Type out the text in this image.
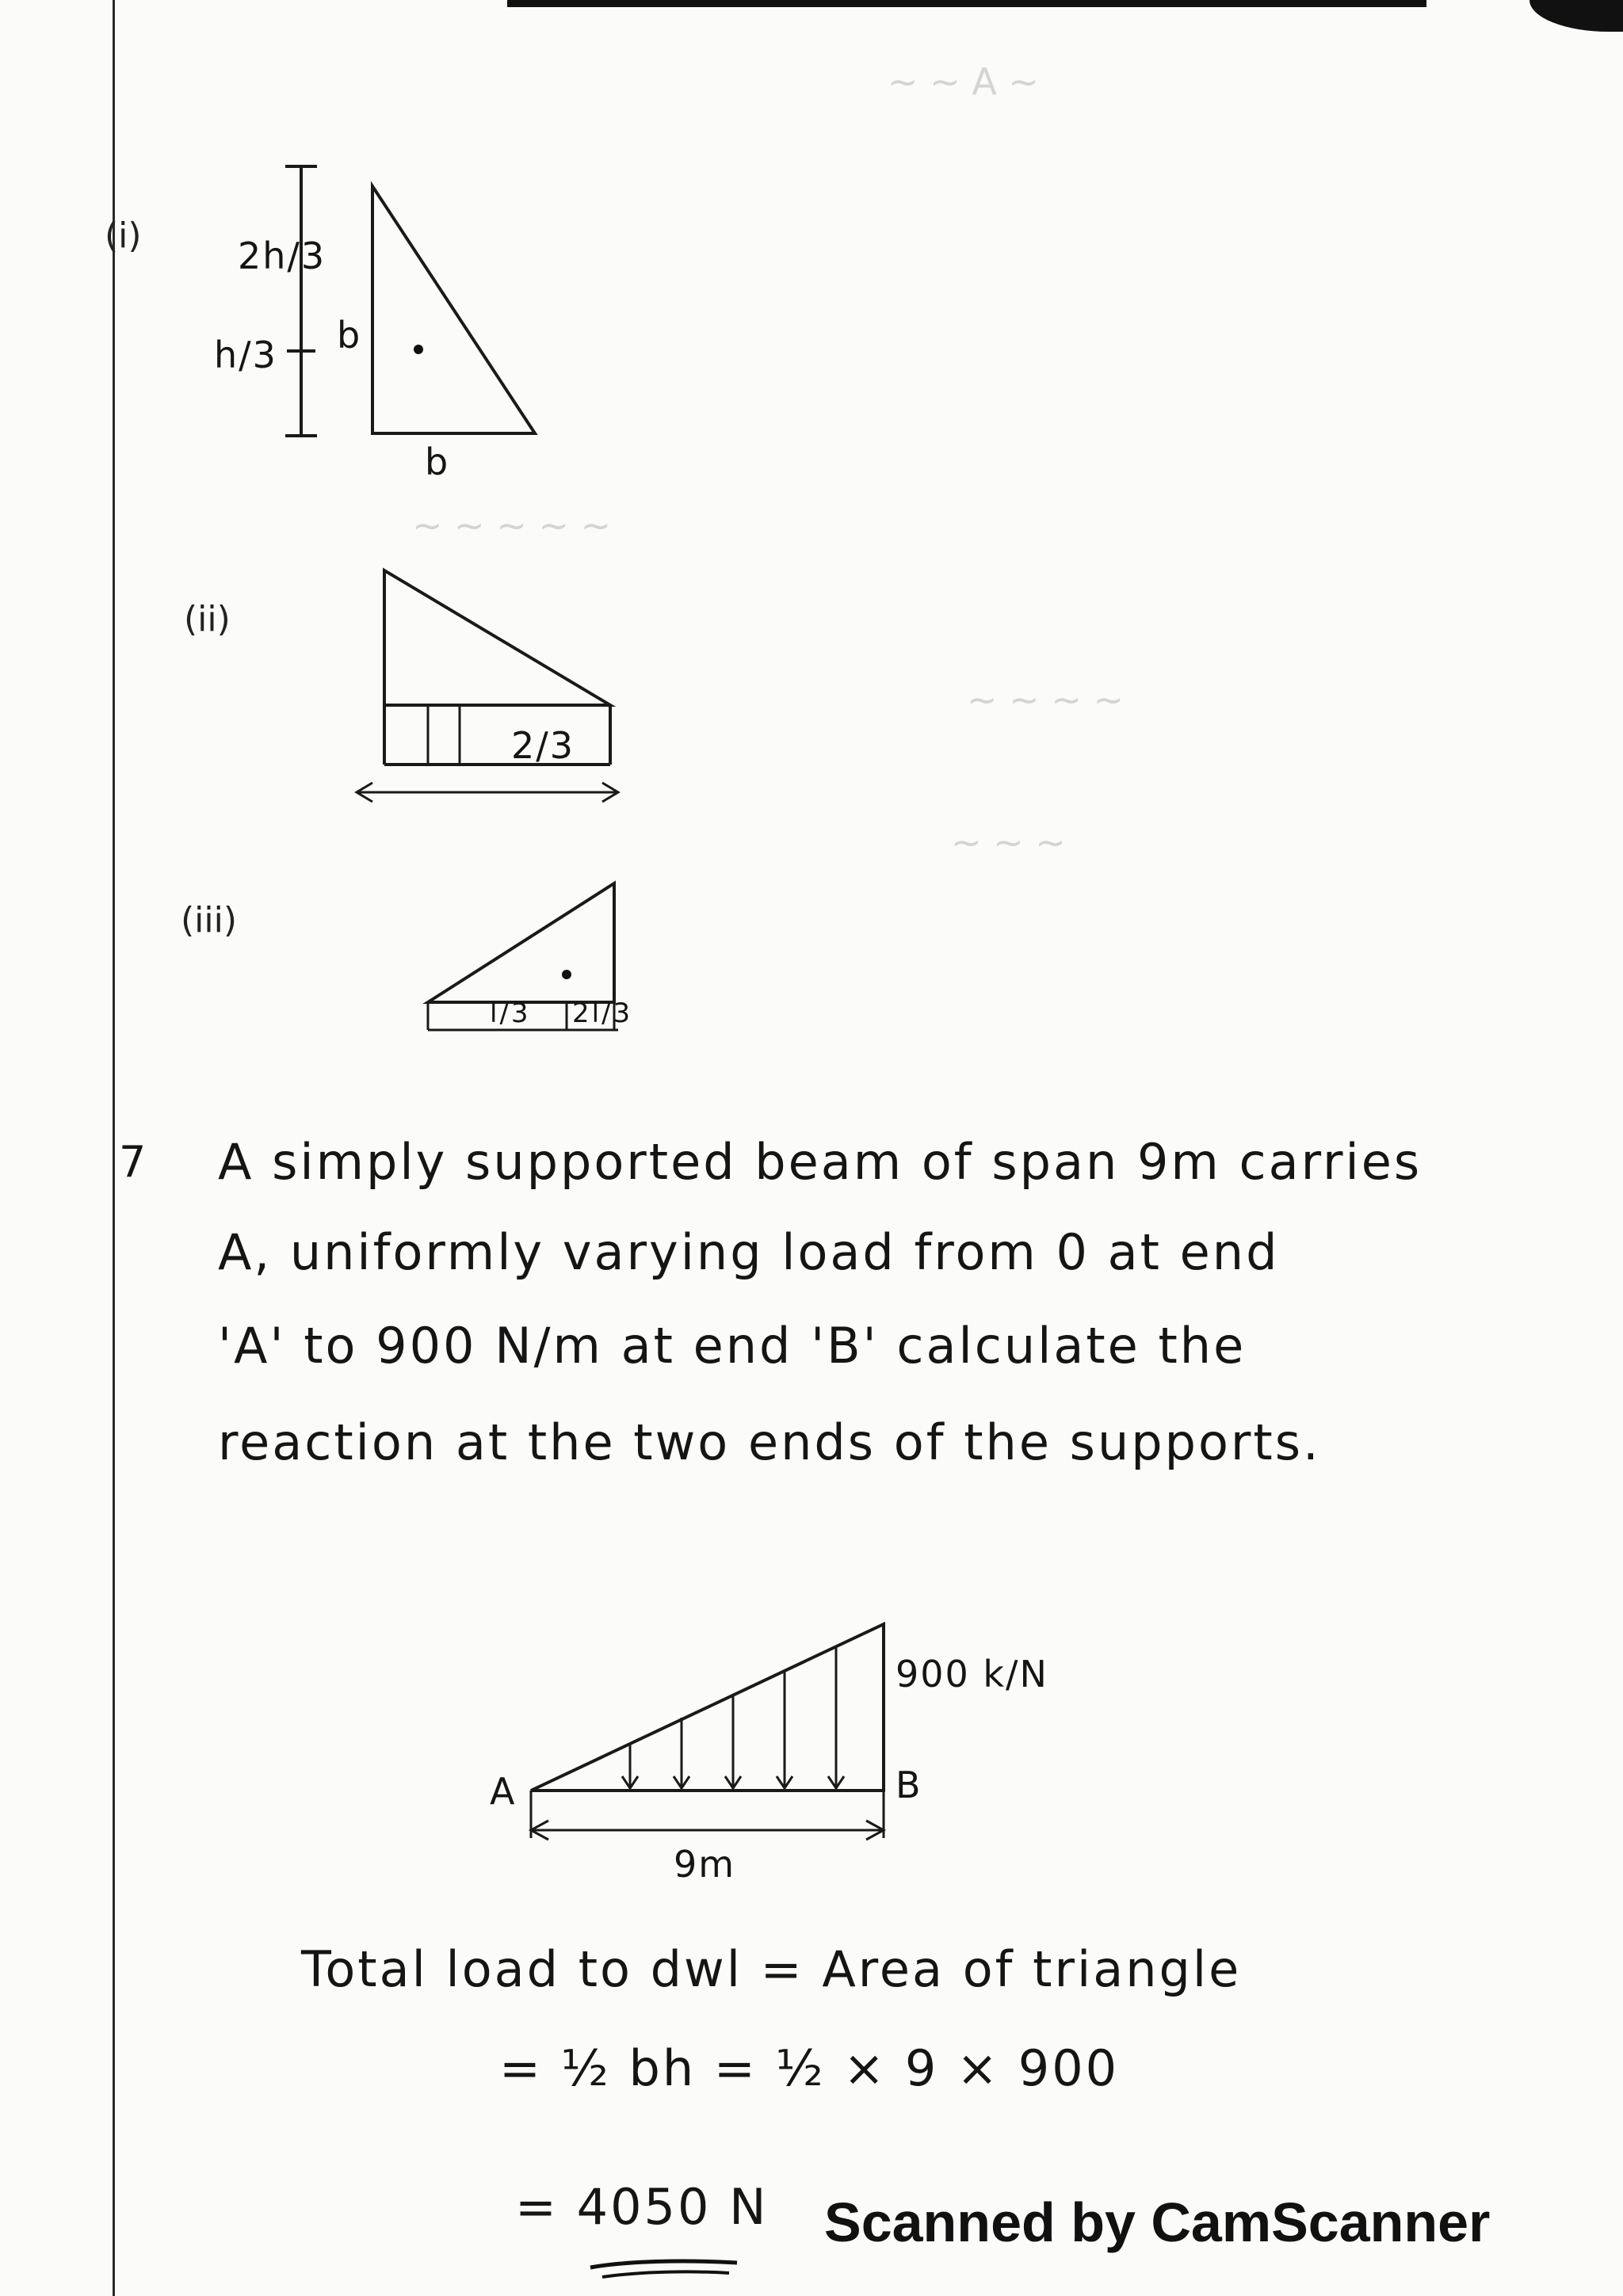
~ ~ A ~
~ ~ ~ ~ ~
~ ~ ~ ~
~ ~ ~
(i)	2h/3
h/3 b
b
(ii)
2/3
(iii)
l/3 2l/3
7 A simply supported beam of span 9m carries
A, uniformly varying load from 0 at end
'A' to 900 N/m at end 'B' calculate the
reaction at the two ends of the supports.
900 k/N
A	B
9m
Total load to dwl = Area of triangle
= ½ bh = ½ × 9 × 900
= 4050 N Scanned by CamScanner
